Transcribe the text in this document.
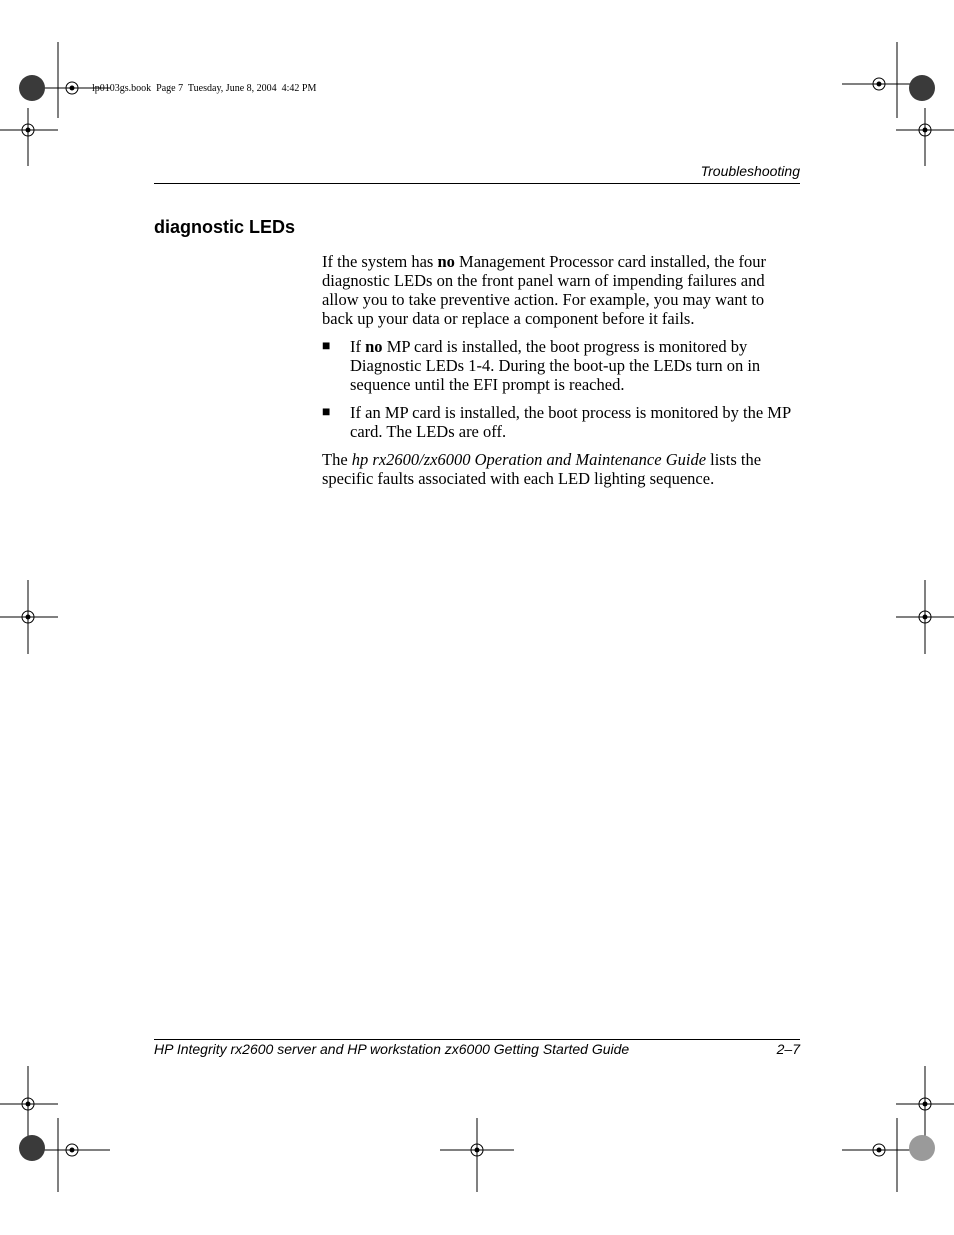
lp0103gs.book  Page 7  Tuesday, June 8, 2004  4:42 PM
Troubleshooting
diagnostic LEDs

If the system has no Management Processor card installed, the four diagnostic LEDs on the front panel warn of impending failures and allow you to take preventive action. For example, you may want to back up your data or replace a component before it fails.

■	If no MP card is installed, the boot progress is monitored by Diagnostic LEDs 1-4. During the boot-up the LEDs turn on in sequence until the EFI prompt is reached.
■	If an MP card is installed, the boot process is monitored by the MP card. The LEDs are off.

The hp rx2600/zx6000 Operation and Maintenance Guide lists the specific faults associated with each LED lighting sequence.

HP Integrity rx2600 server and HP workstation zx6000 Getting Started Guide	2–7
